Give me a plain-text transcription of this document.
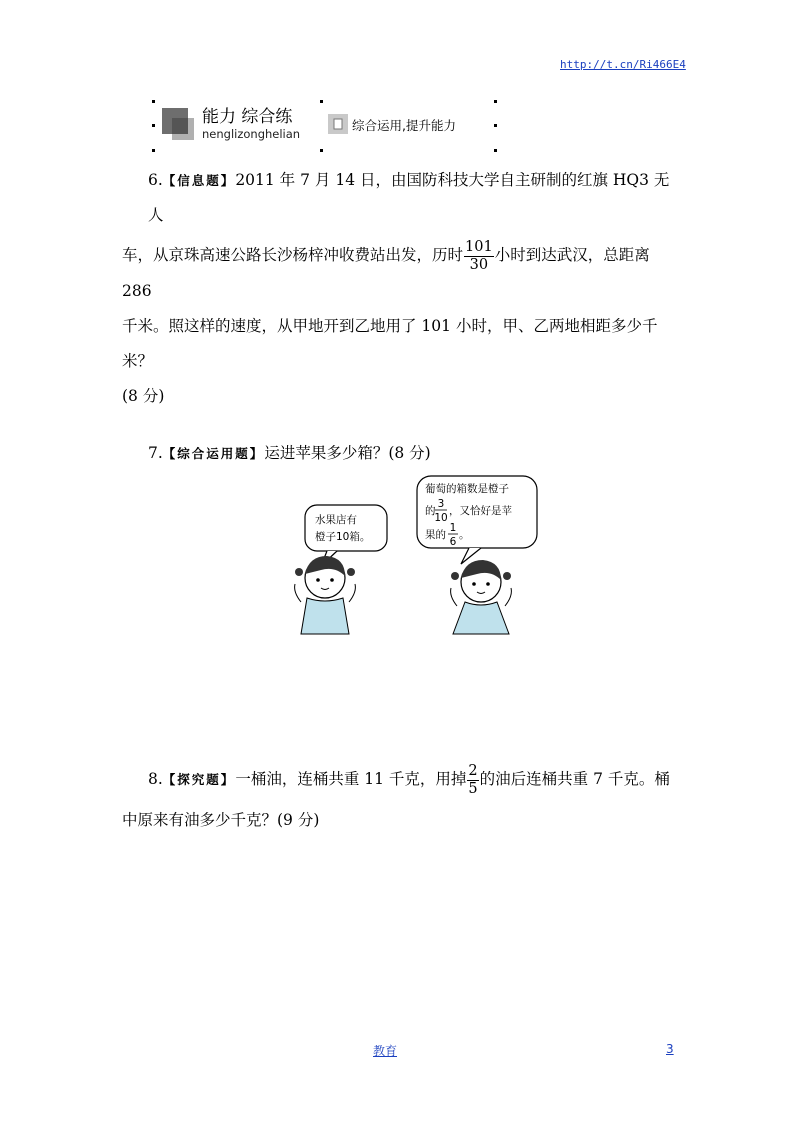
http://t.cn/Ri466E4
能力 综合练
nenglizonghelian
综合运用,提升能力
6.【信息题】2011 年 7 月 14 日，由国防科技大学自主研制的红旗 HQ3 无人
车，从京珠高速公路长沙杨梓冲收费站出发，历时 $\frac{101}{30}$ 小时到达武汉，总距离 286
千米。照这样的速度，从甲地开到乙地用了 101 小时，甲、乙两地相距多少千米？
(8 分)
7.【综合运用题】运进苹果多少箱？(8 分)
水果店有
橙子10箱。
葡萄的箱数是橙子
的
3
10
，又恰好是苹
果的
1
6
。
8.【探究题】一桶油，连桶共重 11 千克，用掉 $\frac{2}{5}$ 的油后连桶共重 7 千克。桶
中原来有油多少千克？(9 分)
教育	3
